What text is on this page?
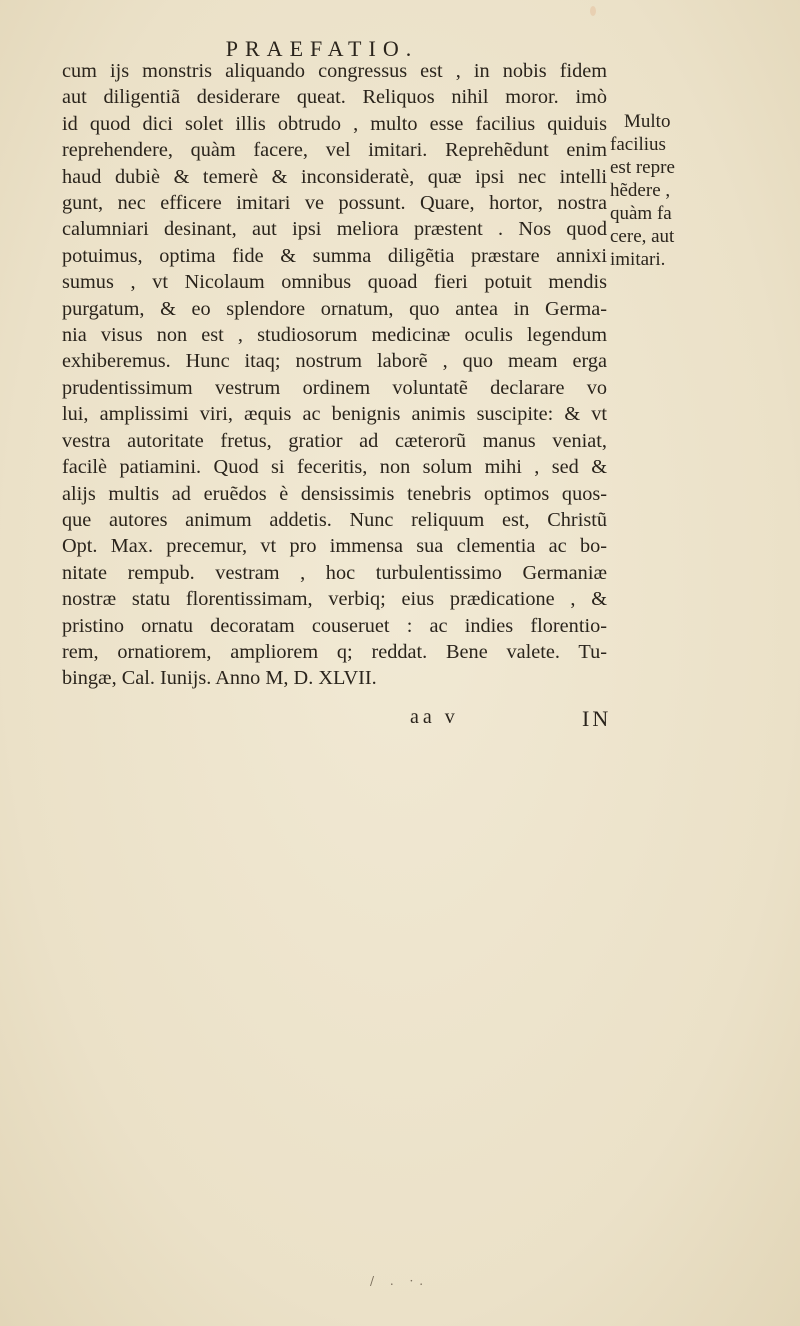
PRAEFATIO.
cum ijs monstris aliquando congressus est , in nobis fidem
aut diligentiã desiderare queat. Reliquos nihil moror. imò
id quod dici solet illis obtrudo , multo esse facilius quiduis
reprehendere, quàm facere, vel imitari. Reprehẽdunt enim
haud dubiè & temerè & inconsideratè, quæ ipsi nec intelli
gunt, nec efficere imitari ve possunt. Quare, hortor, nostra
calumniari desinant, aut ipsi meliora præstent . Nos quod
potuimus, optima fide & summa diligẽtia præstare annixi
sumus , vt Nicolaum omnibus quoad fieri potuit mendis
purgatum, & eo splendore ornatum, quo antea in Germa-
nia visus non est , studiosorum medicinæ oculis legendum
exhiberemus. Hunc itaq; nostrum laborẽ , quo meam erga
prudentissimum vestrum ordinem voluntatẽ declarare vo
lui, amplissimi viri, æquis ac benignis animis suscipite: & vt
vestra autoritate fretus, gratior ad cæterorũ manus veniat,
facilè patiamini. Quod si feceritis, non solum mihi , sed &
alijs multis ad eruẽdos è densissimis tenebris optimos quos-
que autores animum addetis. Nunc reliquum est, Christũ
Opt. Max. precemur, vt pro immensa sua clementia ac bo-
nitate rempub. vestram , hoc turbulentissimo Germaniæ
nostræ statu florentissimam, verbiq; eius prædicatione , &
pristino ornatu decoratam couseruet : ac indies florentio-
rem, ornatiorem, ampliorem q; reddat. Bene valete. Tu-
bingæ, Cal. Iunijs. Anno M, D. XLVII.
Multo
facilius
est repre
hẽdere ,
quàm fa
cere, aut
imitari.
aa v	IN
/ . ·.
